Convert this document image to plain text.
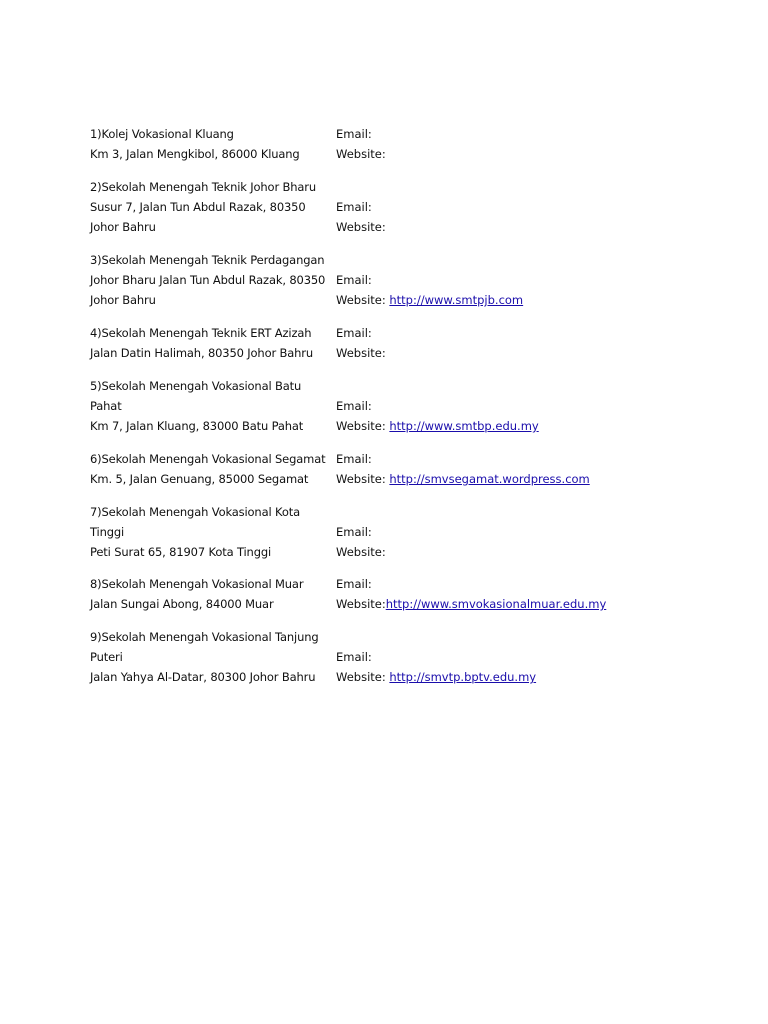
1)Kolej Vokasional Kluang	Email:
Km 3, Jalan Mengkibol, 86000 Kluang	Website:
2)Sekolah Menengah Teknik Johor Bharu
Susur 7, Jalan Tun Abdul Razak, 80350	Email:
Johor Bahru	Website:
3)Sekolah Menengah Teknik Perdagangan
Johor Bharu Jalan Tun Abdul Razak, 80350 Email:
Johor Bahru	Website: http://www.smtpjb.com
4)Sekolah Menengah Teknik ERT Azizah	Email:
Jalan Datin Halimah, 80350 Johor Bahru	Website:
5)Sekolah Menengah Vokasional Batu
Pahat	Email:
Km 7, Jalan Kluang, 83000 Batu Pahat	Website: http://www.smtbp.edu.my
6)Sekolah Menengah Vokasional Segamat Email:
Km. 5, Jalan Genuang, 85000 Segamat	Website: http://smvsegamat.wordpress.com
7)Sekolah Menengah Vokasional Kota
Tinggi	Email:
Peti Surat 65, 81907 Kota Tinggi	Website:
8)Sekolah Menengah Vokasional Muar	Email:
Jalan Sungai Abong, 84000 Muar	Website:http://www.smvokasionalmuar.edu.my
9)Sekolah Menengah Vokasional Tanjung
Puteri	Email:
Jalan Yahya Al-Datar, 80300 Johor Bahru	Website: http://smvtp.bptv.edu.my
